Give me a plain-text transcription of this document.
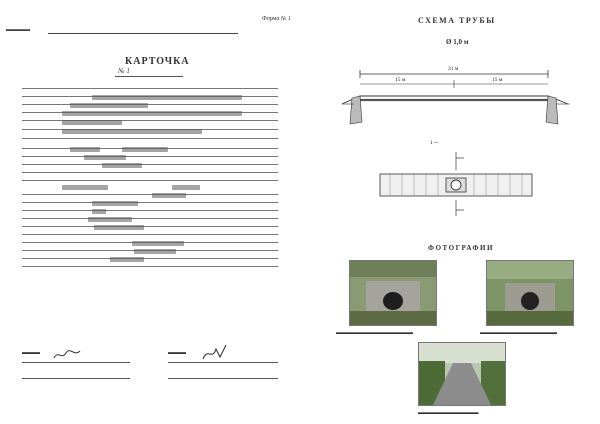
Форма № 1
▬▬▬▬
КАРТОЧКА
№ 1
▬▬▬	▬▬▬
СХЕМА ТРУБЫ
Ø 1,0 м
31 м
15 м	15 м
1 ─
ФОТОГРАФИИ
▬▬▬▬▬▬▬▬▬▬▬▬▬▬	▬▬▬▬▬▬▬▬▬▬▬▬▬▬
▬▬▬▬▬▬▬▬▬▬▬
